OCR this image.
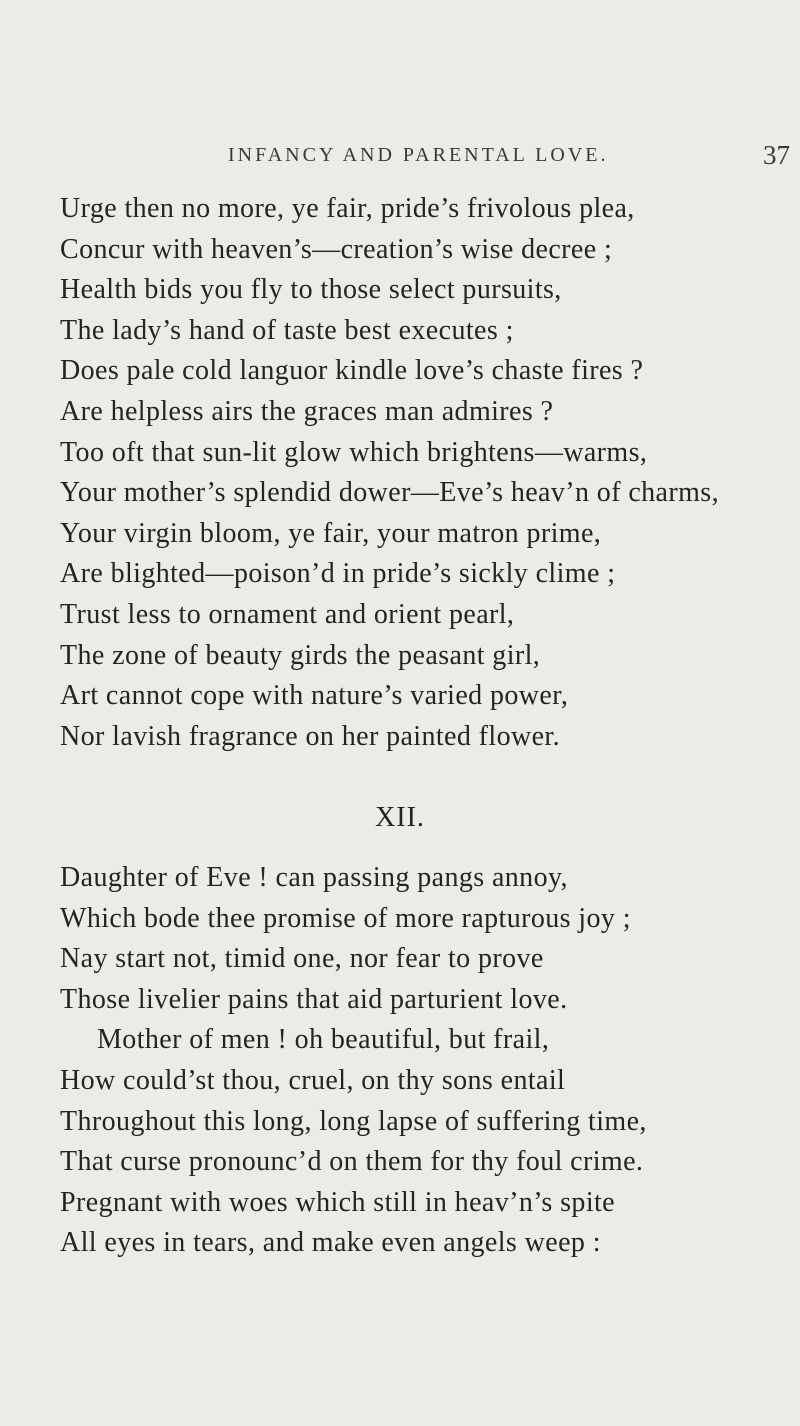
INFANCY AND PARENTAL LOVE.	37
Urge then no more, ye fair, pride’s frivolous plea,
Concur with heaven’s—creation’s wise decree ;
Health bids you fly to those select pursuits,
The lady’s hand of taste best executes ;
Does pale cold languor kindle love’s chaste fires ?
Are helpless airs the graces man admires ?
Too oft that sun-lit glow which brightens—warms,
Your mother’s splendid dower—Eve’s heav’n of charms,
Your virgin bloom, ye fair, your matron prime,
Are blighted—poison’d in pride’s sickly clime ;
Trust less to ornament and orient pearl,
The zone of beauty girds the peasant girl,
Art cannot cope with nature’s varied power,
Nor lavish fragrance on her painted flower.
XII.
Daughter of Eve ! can passing pangs annoy,
Which bode thee promise of more rapturous joy ;
Nay start not, timid one, nor fear to prove
Those livelier pains that aid parturient love.
Mother of men ! oh beautiful, but frail,
How could’st thou, cruel, on thy sons entail
Throughout this long, long lapse of suffering time,
That curse pronounc’d on them for thy foul crime.
Pregnant with woes which still in heav’n’s spite
All eyes in tears, and make even angels weep :
